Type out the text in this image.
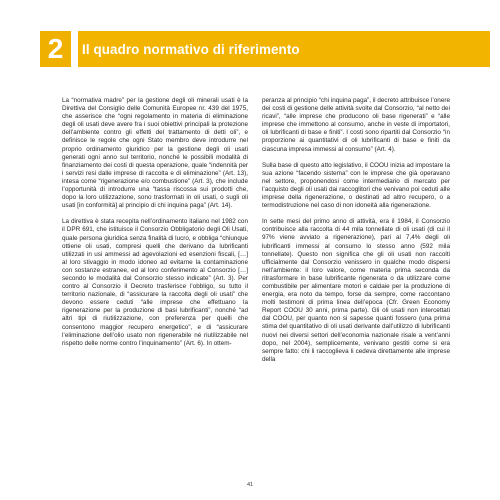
2	Il quadro normativo di riferimento

La “normativa madre” per la gestione degli oli minerali usati è la Direttiva del Consiglio delle Comunità Europee nr. 439 del 1975, che asserisce che “ogni regolamento in materia di eliminazione degli oli usati deve avere fra i suoi obiettivi principali la protezione dell’ambiente contro gli effetti del trattamento di detti oli”, e definisce le regole che ogni Stato membro deve introdurre nel proprio ordinamento giuridico per la gestione degli oli usati generati ogni anno sul territorio, nonché le possibili modalità di finanziamento dei costi di questa operazione, quale “indennità per i servizi resi dalle imprese di raccolta e di eliminazione” (Art. 13), intesa come “rigenerazione e/o combustione” (Art. 3), che include l’opportunità di introdurre una “tassa riscossa sui prodotti che, dopo la loro utilizzazione, sono trasformati in oli usati, o sugli oli usati [in conformità] al principio di chi inquina paga” (Art. 14).

La direttiva è stata recepita nell’ordinamento italiano nel 1982 con il DPR 691, che istituisce il Consorzio Obbligatorio degli Oli Usati, quale persona giuridica senza finalità di lucro, e obbliga “chiunque ottiene oli usati, compresi quelli che derivano da lubrificanti utilizzati in usi ammessi ad agevolazioni ed esenzioni fiscali, […] al loro stivaggio in modo idoneo ad evitarne la contaminazione con sostanze estranee, ed al loro conferimento al Consorzio […] secondo le modalità dal Consorzio stesso indicate” (Art. 3). Per contro al Consorzio il Decreto trasferisce l’obbligo, su tutto il territorio nazionale, di “assicurare la raccolta degli oli usati” che devono essere ceduti “alle imprese che effettuano la rigenerazione per la produzione di basi lubrificanti”, nonché “ad altri tipi di riutilizzazione, con preferenza per quelli che consentono maggior recupero energetico”, e di “assicurare l’eliminazione dell’olio usato non rigenerabile né riutilizzabile nel rispetto delle norme contro l’inquinamento” (Art. 6). In ottem-

peranza al principio “chi inquina paga”, il decreto attribuisce l’onere dei costi di gestione delle attività svolte dal Consorzio, “al netto dei ricavi”, “alle imprese che producono oli base rigenerati” e “alle imprese che immettono al consumo, anche in veste di importatori, oli lubrificanti di base e finiti”. I costi sono ripartiti dal Consorzio “in proporzione ai quantitativi di oli lubrificanti di base e finiti da ciascuna impresa immessi al consumo” (Art. 4).

Sulla base di questo atto legislativo, il COOU inizia ad impostare la sua azione “facendo sistema” con le imprese che già operavano nel settore, proponendosi come intermediario di mercato per l’acquisto degli oli usati dai raccoglitori che venivano poi ceduti alle imprese della rigenerazione, o destinati ad altro recupero, o a termodistruzione nel caso di non idoneità alla rigenerazione.

In sette mesi del primo anno di attività, era il 1984, il Consorzio contribuisce alla raccolta di 44 mila tonnellate di oli usati (di cui il 97% viene avviato a rigenerazione), pari al 7,4% degli oli lubrificanti immessi al consumo lo stesso anno (592 mila tonnellate). Questo non significa che gli oli usati non raccolti ufficialmente dal Consorzio venissero in qualche modo dispersi nell’ambiente: il loro valore, come materia prima seconda da ritrasformare in base lubrificante rigenerata o da utilizzare come combustibile per alimentare motori e caldaie per la produzione di energia, era noto da tempo, forse da sempre, come raccontano molti testimoni di prima linea dell’epoca (Cfr. Green Economy Report COOU 30 anni, prima parte). Gli oli usati non intercettati dal COOU, per quanto non si sapesse quanti fossero (una prima stima del quantitativo di oli usati derivante dall’utilizzo di lubrificanti nuovi nei diversi settori dell’economia nazionale risale a vent’anni dopo, nel 2004), semplicemente, venivano gestiti come si era sempre fatto: chi li raccoglieva li cedeva direttamente alle imprese della

41
